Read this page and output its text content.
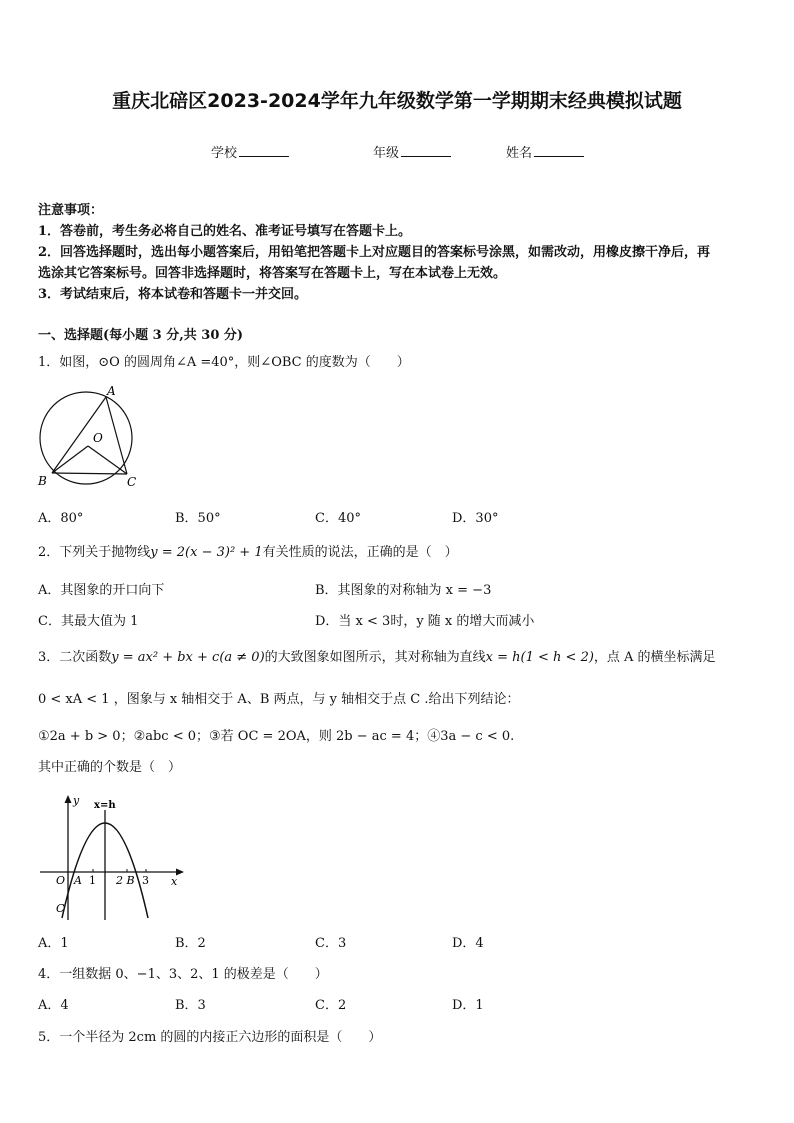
重庆北碚区2023-2024学年九年级数学第一学期期末经典模拟试题
学校	年级	姓名
注意事项：
1．答卷前，考生务必将自己的姓名、准考证号填写在答题卡上。
2．回答选择题时，选出每小题答案后，用铅笔把答题卡上对应题目的答案标号涂黑，如需改动，用橡皮擦干净后，再
选涂其它答案标号。回答非选择题时，将答案写在答题卡上，写在本试卷上无效。
3．考试结束后，将本试卷和答题卡一并交回。
一、选择题(每小题 3 分,共 30 分)
1．如图，⊙O 的圆周角∠A =40°，则∠OBC 的度数为（　　）
A
O
B	C
A．80°	B．50°	C．40°	D．30°
2．下列关于抛物线y = 2(x − 3)² + 1有关性质的说法，正确的是（　）
A．其图象的开口向下	B．其图象的对称轴为 x = −3
C．其最大值为 1	D．当 x < 3时，y 随 x 的增大而减小
3．二次函数y = ax² + bx + c(a ≠ 0)的大致图象如图所示，其对称轴为直线x = h(1 < h < 2)，点 A 的横坐标满足
0 < xA < 1 ，图象与 x 轴相交于 A、B 两点，与 y 轴相交于点 C .给出下列结论：
①2a + b > 0；②abc < 0；③若 OC = 2OA，则 2b − ac = 4；④3a − c < 0.
其中正确的个数是（　）
y x=h
O A 1 2 B 3 x
C
A．1	B．2	C．3	D．4
4．一组数据 0、−1、3、2、1 的极差是（　　）
A．4	B．3	C．2	D．1
5．一个半径为 2cm 的圆的内接正六边形的面积是（　　）
